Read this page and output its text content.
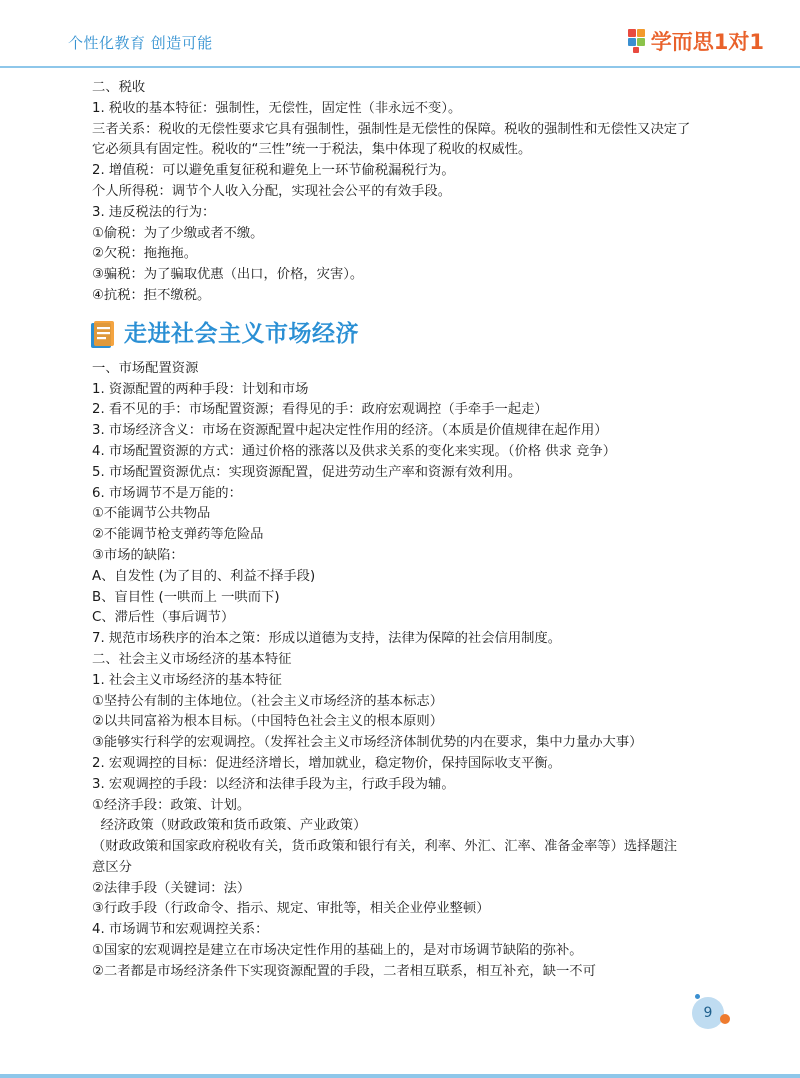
个性化教育 创造可能	学而思1对1
二、税收
1. 税收的基本特征：强制性，无偿性，固定性（非永远不变）。
三者关系：税收的无偿性要求它具有强制性，强制性是无偿性的保障。税收的强制性和无偿性又决定了
它必须具有固定性。税收的“三性”统一于税法，集中体现了税收的权威性。
2. 增值税：可以避免重复征税和避免上一环节偷税漏税行为。
个人所得税：调节个人收入分配，实现社会公平的有效手段。
3. 违反税法的行为：
①偷税：为了少缴或者不缴。
②欠税：拖拖拖。
③骗税：为了骗取优惠（出口，价格，灾害）。
④抗税：拒不缴税。
走进社会主义市场经济
一、市场配置资源
1. 资源配置的两种手段：计划和市场
2. 看不见的手：市场配置资源；看得见的手：政府宏观调控（手牵手一起走）
3. 市场经济含义：市场在资源配置中起决定性作用的经济。（本质是价值规律在起作用）
4. 市场配置资源的方式：通过价格的涨落以及供求关系的变化来实现。（价格 供求 竞争）
5. 市场配置资源优点：实现资源配置，促进劳动生产率和资源有效利用。
6. 市场调节不是万能的：
①不能调节公共物品
②不能调节枪支弹药等危险品
③市场的缺陷：
A、自发性 (为了目的、利益不择手段)
B、盲目性 (一哄而上 一哄而下)
C、滞后性（事后调节）
7. 规范市场秩序的治本之策：形成以道德为支持，法律为保障的社会信用制度。
二、社会主义市场经济的基本特征
1. 社会主义市场经济的基本特征
①坚持公有制的主体地位。（社会主义市场经济的基本标志）
②以共同富裕为根本目标。（中国特色社会主义的根本原则）
③能够实行科学的宏观调控。（发挥社会主义市场经济体制优势的内在要求，集中力量办大事）
2. 宏观调控的目标：促进经济增长，增加就业，稳定物价，保持国际收支平衡。
3. 宏观调控的手段：以经济和法律手段为主，行政手段为辅。
①经济手段：政策、计划。
经济政策（财政政策和货币政策、产业政策）
（财政政策和国家政府税收有关，货币政策和银行有关，利率、外汇、汇率、准备金率等）选择题注
意区分
②法律手段（关键词：法）
③行政手段（行政命令、指示、规定、审批等，相关企业停业整顿）
4. 市场调节和宏观调控关系：
①国家的宏观调控是建立在市场决定性作用的基础上的，是对市场调节缺陷的弥补。
②二者都是市场经济条件下实现资源配置的手段，二者相互联系，相互补充，缺一不可
9
